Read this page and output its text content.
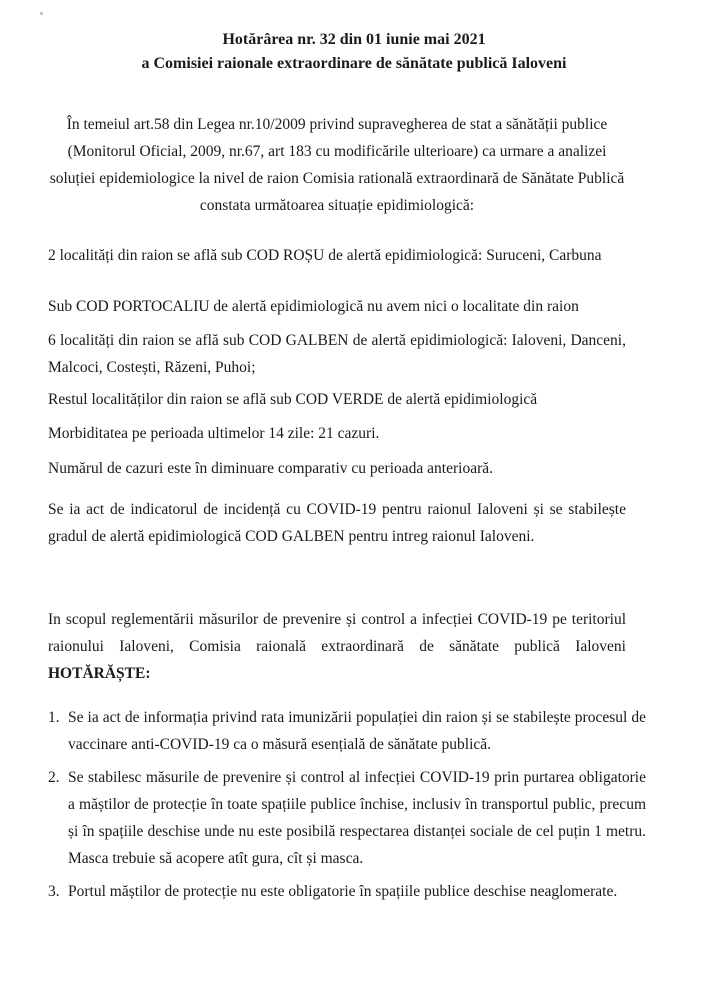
Hotărârea nr. 32 din 01 iunie mai 2021
a Comisiei raionale extraordinare de sănătate publică Ialoveni
În temeiul art.58 din Legea nr.10/2009 privind supravegherea de stat a sănătății publice (Monitorul Oficial, 2009, nr.67, art 183 cu modificările ulterioare) ca urmare a analizei soluției epidemiologice la nivel de raion Comisia ratională extraordinară de Sănătate Publică constata următoarea situație epidimiologică:
2 localități din raion se află sub COD ROȘU de alertă epidimiologică: Suruceni, Carbuna
Sub COD PORTOCALIU de alertă epidimiologică nu avem nici o localitate din raion
6 localități din raion se află sub COD GALBEN de alertă epidimiologică: Ialoveni, Danceni, Malcoci, Costești, Răzeni, Puhoi;
Restul localităților din raion se află sub COD VERDE de alertă epidimiologică
Morbiditatea pe perioada ultimelor 14 zile: 21 cazuri.
Numărul de cazuri este în diminuare comparativ cu perioada anterioară.
Se ia act de indicatorul de incidență cu COVID-19 pentru raionul Ialoveni și se stabilește gradul de alertă epidimiologică COD GALBEN pentru intreg raionul Ialoveni.
In scopul reglementării măsurilor de prevenire și control a infecției COVID-19 pe teritoriul raionului Ialoveni, Comisia raională extraordinară de sănătate publică Ialoveni HOTĂRĂȘTE:
1. Se ia act de informația privind rata imunizării populației din raion și se stabilește procesul de vaccinare anti-COVID-19 ca o măsură esențială de sănătate publică.
2. Se stabilesc măsurile de prevenire și control al infecției COVID-19 prin purtarea obligatorie a măștilor de protecție în toate spațiile publice închise, inclusiv în transportul public, precum și în spațiile deschise unde nu este posibilă respectarea distanței sociale de cel puțin 1 metru. Masca trebuie să acopere atît gura, cît și masca.
3. Portul măștilor de protecție nu este obligatorie în spațiile publice deschise neaglomerate.
